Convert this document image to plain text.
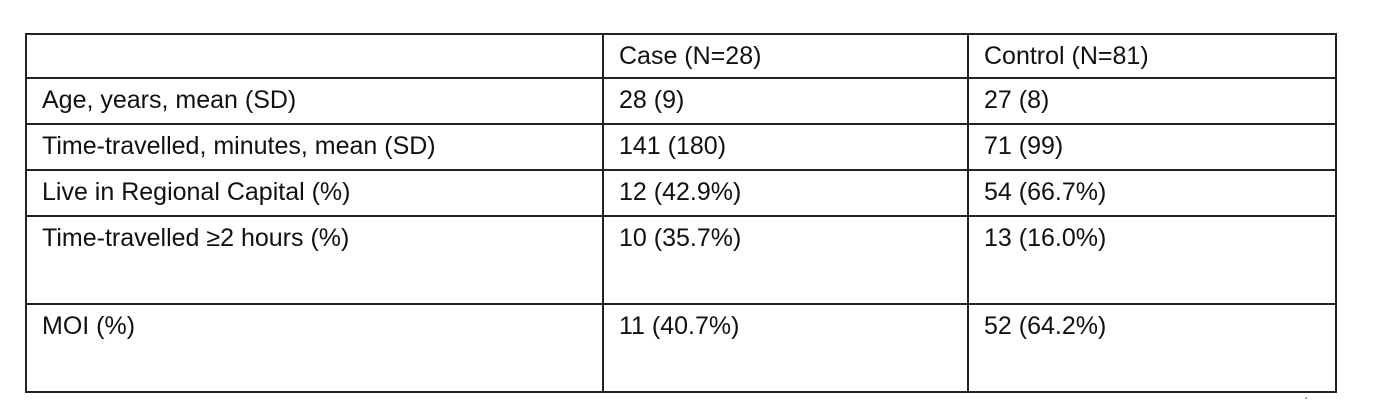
	Case (N=28)	Control (N=81)
Age, years, mean (SD)	28 (9)	27 (8)
Time-travelled, minutes, mean (SD)	141 (180)	71 (99)
Live in Regional Capital (%)	12 (42.9%)	54 (66.7%)
Time-travelled ≥2 hours (%)	10 (35.7%)	13 (16.0%)
MOI (%)	11 (40.7%)	52 (64.2%)
